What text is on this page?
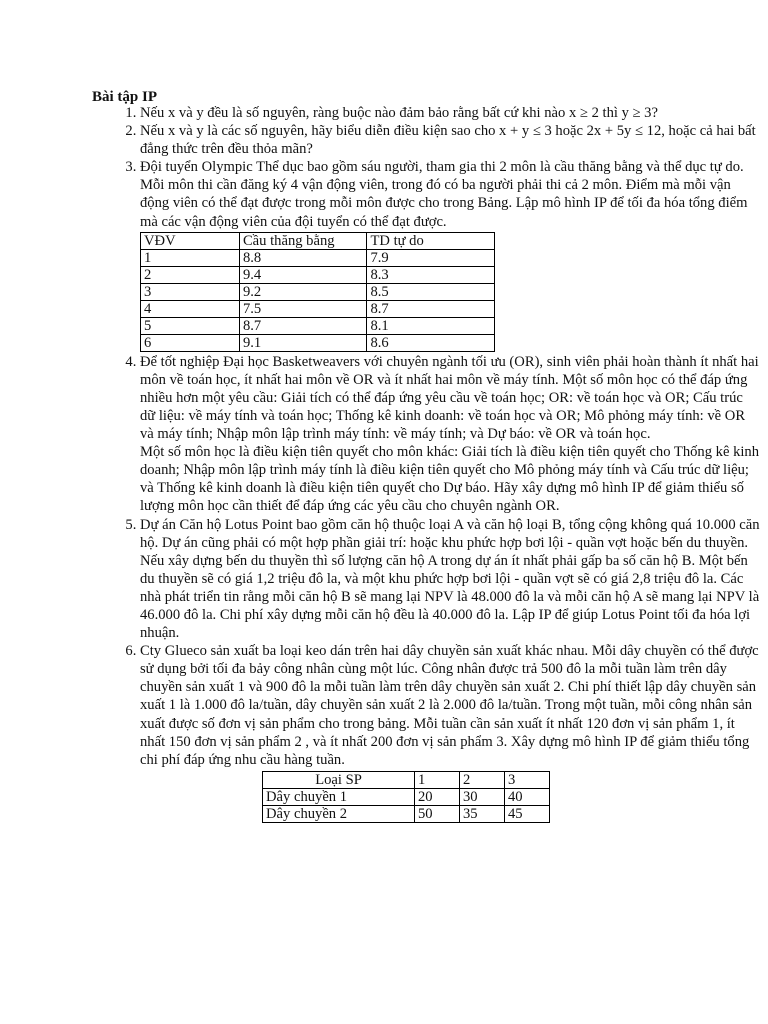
Bài tập IP
1. Nếu x và y đều là số nguyên, ràng buộc nào đảm bảo rằng bất cứ khi nào x ≥ 2 thì y ≥ 3?
2. Nếu x và y là các số nguyên, hãy biểu diễn điều kiện sao cho x + y ≤ 3 hoặc 2x + 5y ≤ 12, hoặc cả hai bất đẳng thức trên đều thỏa mãn?
3. Đội tuyển Olympic Thể dục bao gồm sáu người, tham gia thi 2 môn là cầu thăng bằng và thể dục tự do. Mỗi môn thi cần đăng ký 4 vận động viên, trong đó có ba người phải thi cả 2 môn. Điểm mà mỗi vận động viên có thể đạt được trong mỗi môn được cho trong Bảng. Lập mô hình IP để tối đa hóa tổng điểm mà các vận động viên của đội tuyển có thể đạt được.
VĐV	Cầu thăng bằng	TD tự do
1	8.8	7.9
2	9.4	8.3
3	9.2	8.5
4	7.5	8.7
5	8.7	8.1
6	9.1	8.6
4. Để tốt nghiệp Đại học Basketweavers với chuyên ngành tối ưu (OR), sinh viên phải hoàn thành ít nhất hai môn về toán học, ít nhất hai môn về OR và ít nhất hai môn về máy tính. Một số môn học có thể đáp ứng nhiều hơn một yêu cầu: Giải tích có thể đáp ứng yêu cầu về toán học; OR: về toán học và OR; Cấu trúc dữ liệu: về máy tính và toán học; Thống kê kinh doanh: về toán học và OR; Mô phỏng máy tính: về OR và máy tính; Nhập môn lập trình máy tính: về máy tính; và Dự báo: về OR và toán học.
Một số môn học là điều kiện tiên quyết cho môn khác: Giải tích là điều kiện tiên quyết cho Thống kê kinh doanh; Nhập môn lập trình máy tính là điều kiện tiên quyết cho Mô phỏng máy tính và Cấu trúc dữ liệu; và Thống kê kinh doanh là điều kiện tiên quyết cho Dự báo. Hãy xây dựng mô hình IP để giảm thiểu số lượng môn học cần thiết để đáp ứng các yêu cầu cho chuyên ngành OR.
5. Dự án Căn hộ Lotus Point bao gồm căn hộ thuộc loại A và căn hộ loại B, tổng cộng không quá 10.000 căn hộ. Dự án cũng phải có một hợp phần giải trí: hoặc khu phức hợp bơi lội - quần vợt hoặc bến du thuyền. Nếu xây dựng bến du thuyền thì số lượng căn hộ A trong dự án ít nhất phải gấp ba số căn hộ B. Một bến du thuyền sẽ có giá 1,2 triệu đô la, và một khu phức hợp bơi lội - quần vợt sẽ có giá 2,8 triệu đô la. Các nhà phát triển tin rằng mỗi căn hộ B sẽ mang lại NPV là 48.000 đô la và mỗi căn hộ A sẽ mang lại NPV là 46.000 đô la. Chi phí xây dựng mỗi căn hộ đều là 40.000 đô la. Lập IP để giúp Lotus Point tối đa hóa lợi nhuận.
6. Cty Glueco sản xuất ba loại keo dán trên hai dây chuyền sản xuất khác nhau. Mỗi dây chuyền có thể được sử dụng bởi tối đa bảy công nhân cùng một lúc. Công nhân được trả 500 đô la mỗi tuần làm trên dây chuyền sản xuất 1 và 900 đô la mỗi tuần làm trên dây chuyền sản xuất 2. Chi phí thiết lập dây chuyền sản xuất 1 là 1.000 đô la/tuần, dây chuyền sản xuất 2 là 2.000 đô la/tuần. Trong một tuần, mỗi công nhân sản xuất được số đơn vị sản phẩm cho trong bảng. Mỗi tuần cần sản xuất ít nhất 120 đơn vị sản phẩm 1, ít nhất 150 đơn vị sản phẩm 2 , và ít nhất 200 đơn vị sản phẩm 3. Xây dựng mô hình IP để giảm thiểu tổng chi phí đáp ứng nhu cầu hàng tuần.
Loại SP	1	2	3
Dây chuyền 1	20	30	40
Dây chuyền 2	50	35	45
